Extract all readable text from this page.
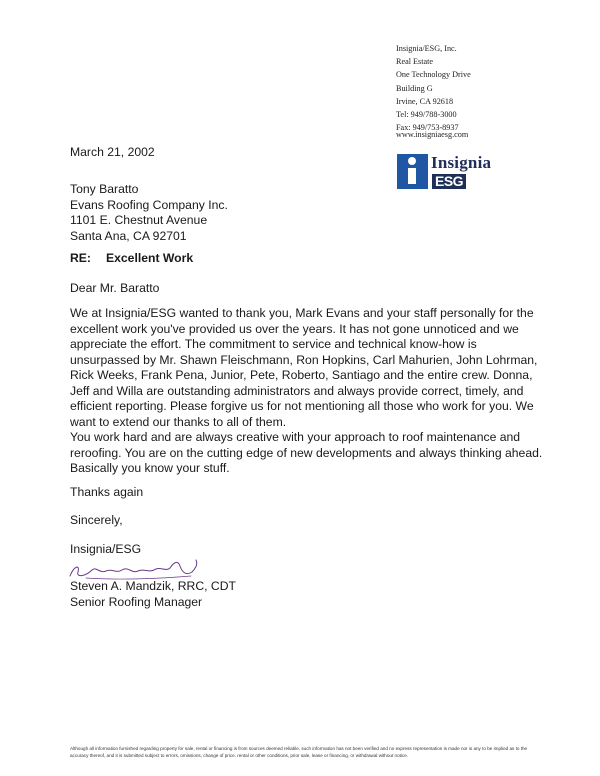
Insignia/ESG, Inc.
Real Estate
One Technology Drive
Building G
Irvine, CA 92618
Tel: 949/788-3000
Fax: 949/753-8937
www.insigniaesg.com
Insignia
ESG
March 21, 2002
Tony Baratto
Evans Roofing Company Inc.
1101 E. Chestnut Avenue
Santa Ana, CA 92701
RE: Excellent Work
Dear Mr. Baratto
We at Insignia/ESG wanted to thank you, Mark Evans and your staff personally for the excellent work you've provided us over the years. It has not gone unnoticed and we appreciate the effort. The commitment to service and technical know-how is unsurpassed by Mr. Shawn Fleischmann, Ron Hopkins, Carl Mahurien, John Lohrman, Rick Weeks, Frank Pena, Junior, Pete, Roberto, Santiago and the entire crew. Donna, Jeff and Willa are outstanding administrators and always provide correct, timely, and efficient reporting. Please forgive us for not mentioning all those who work for you. We want to extend our thanks to all of them.
You work hard and are always creative with your approach to roof maintenance and reroofing. You are on the cutting edge of new developments and always thinking ahead. Basically you know your stuff.
Thanks again
Sincerely,
Insignia/ESG
Steven A. Mandzik, RRC, CDT
Senior Roofing Manager
Although all information furnished regarding property for sale, rental or financing is from sources deemed reliable, such information has not been verified and no express representation is made nor is any to be implied as to the accuracy thereof, and it is submitted subject to errors, omissions, change of price, rental or other conditions, prior sale, lease or financing, or withdrawal without notice.
